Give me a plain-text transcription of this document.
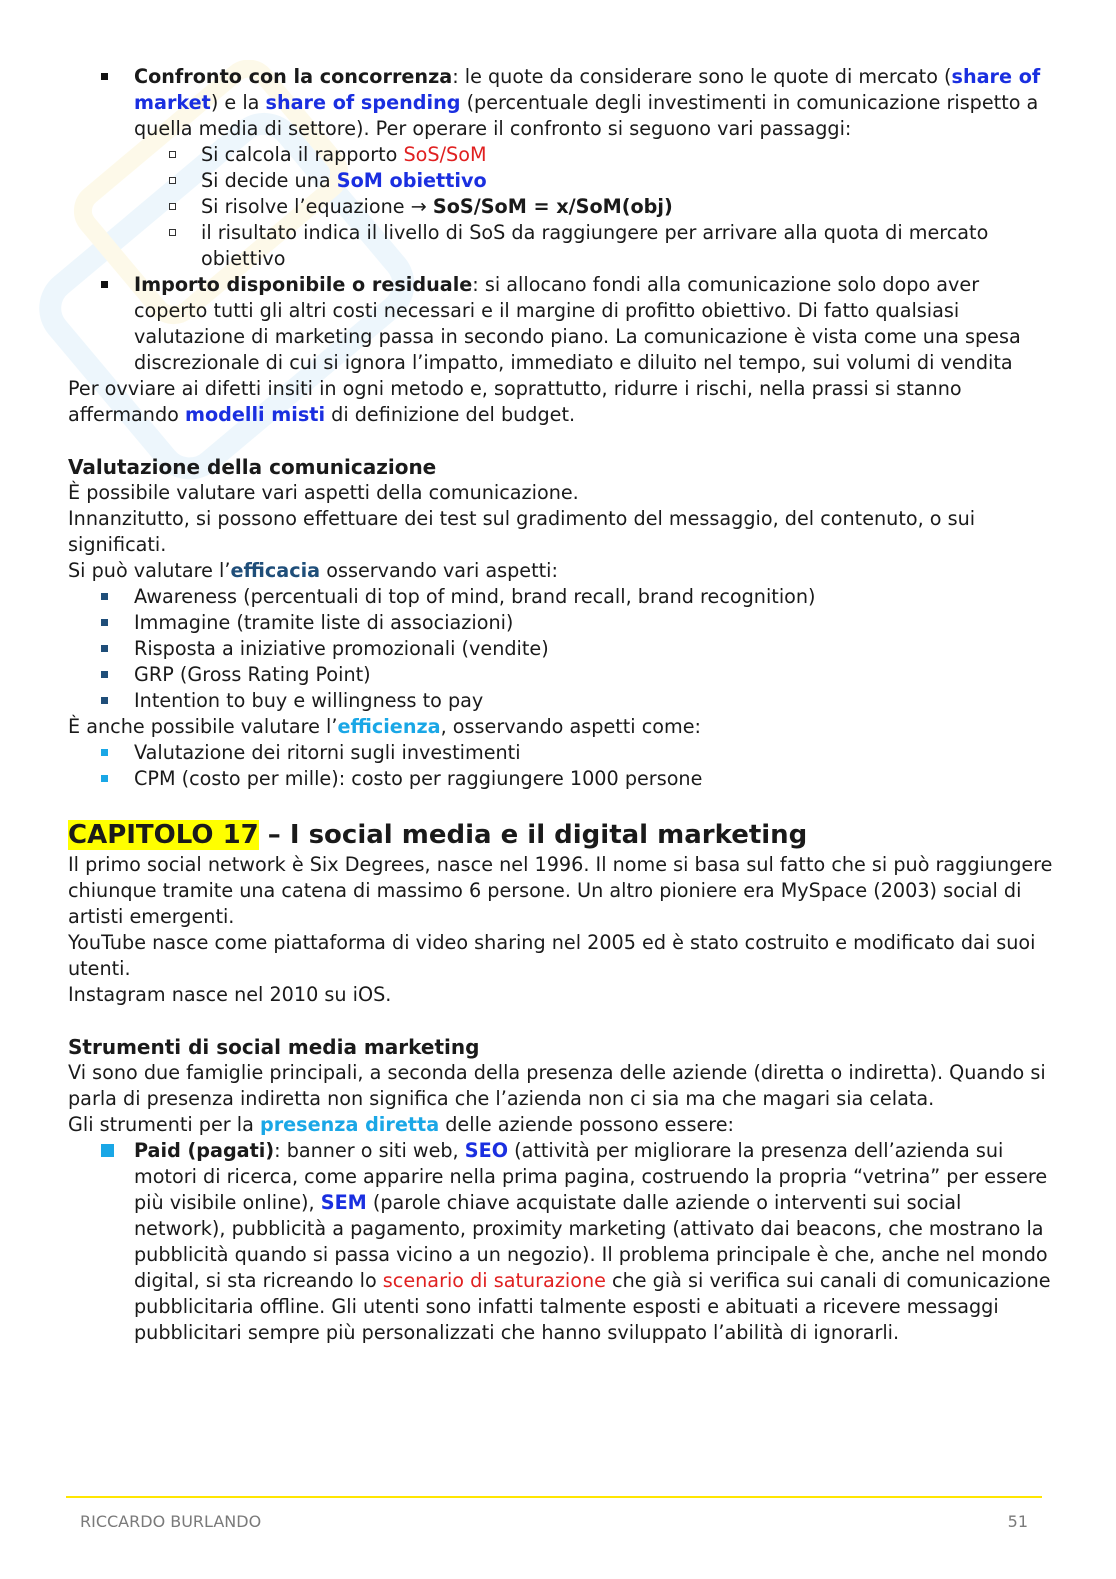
Confronto con la concorrenza: le quote da considerare sono le quote di mercato (share of market) e la share of spending (percentuale degli investimenti in comunicazione rispetto a quella media di settore). Per operare il confronto si seguono vari passaggi:
Si calcola il rapporto SoS/SoM
Si decide una SoM obiettivo
Si risolve l’equazione → SoS/SoM = x/SoM(obj)
il risultato indica il livello di SoS da raggiungere per arrivare alla quota di mercato obiettivo
Importo disponibile o residuale: si allocano fondi alla comunicazione solo dopo aver coperto tutti gli altri costi necessari e il margine di profitto obiettivo. Di fatto qualsiasi valutazione di marketing passa in secondo piano. La comunicazione è vista come una spesa discrezionale di cui si ignora l’impatto, immediato e diluito nel tempo, sui volumi di vendita

Per ovviare ai difetti insiti in ogni metodo e, soprattutto, ridurre i rischi, nella prassi si stanno affermando modelli misti di definizione del budget.

Valutazione della comunicazione

È possibile valutare vari aspetti della comunicazione.

Innanzitutto, si possono effettuare dei test sul gradimento del messaggio, del contenuto, o sui significati.

Si può valutare l’efficacia osservando vari aspetti:

Awareness (percentuali di top of mind, brand recall, brand recognition)
Immagine (tramite liste di associazioni)
Risposta a iniziative promozionali (vendite)
GRP (Gross Rating Point)
Intention to buy e willingness to pay

È anche possibile valutare l’efficienza, osservando aspetti come:

Valutazione dei ritorni sugli investimenti
CPM (costo per mille): costo per raggiungere 1000 persone
CAPITOLO 17 – I social media e il digital marketing

Il primo social network è Six Degrees, nasce nel 1996. Il nome si basa sul fatto che si può raggiungere chiunque tramite una catena di massimo 6 persone. Un altro pioniere era MySpace (2003) social di artisti emergenti.

YouTube nasce come piattaforma di video sharing nel 2005 ed è stato costruito e modificato dai suoi utenti.

Instagram nasce nel 2010 su iOS.

Strumenti di social media marketing

Vi sono due famiglie principali, a seconda della presenza delle aziende (diretta o indiretta). Quando si parla di presenza indiretta non significa che l’azienda non ci sia ma che magari sia celata.

Gli strumenti per la presenza diretta delle aziende possono essere:

Paid (pagati): banner o siti web, SEO (attività per migliorare la presenza dell’azienda sui motori di ricerca, come apparire nella prima pagina, costruendo la propria “vetrina” per essere più visibile online), SEM (parole chiave acquistate dalle aziende o interventi sui social network), pubblicità a pagamento, proximity marketing (attivato dai beacons, che mostrano la pubblicità quando si passa vicino a un negozio). Il problema principale è che, anche nel mondo digital, si sta ricreando lo scenario di saturazione che già si verifica sui canali di comunicazione pubblicitaria offline. Gli utenti sono infatti talmente esposti e abituati a ricevere messaggi pubblicitari sempre più personalizzati che hanno sviluppato l’abilità di ignorarli.
RICCARDO BURLANDO	51
